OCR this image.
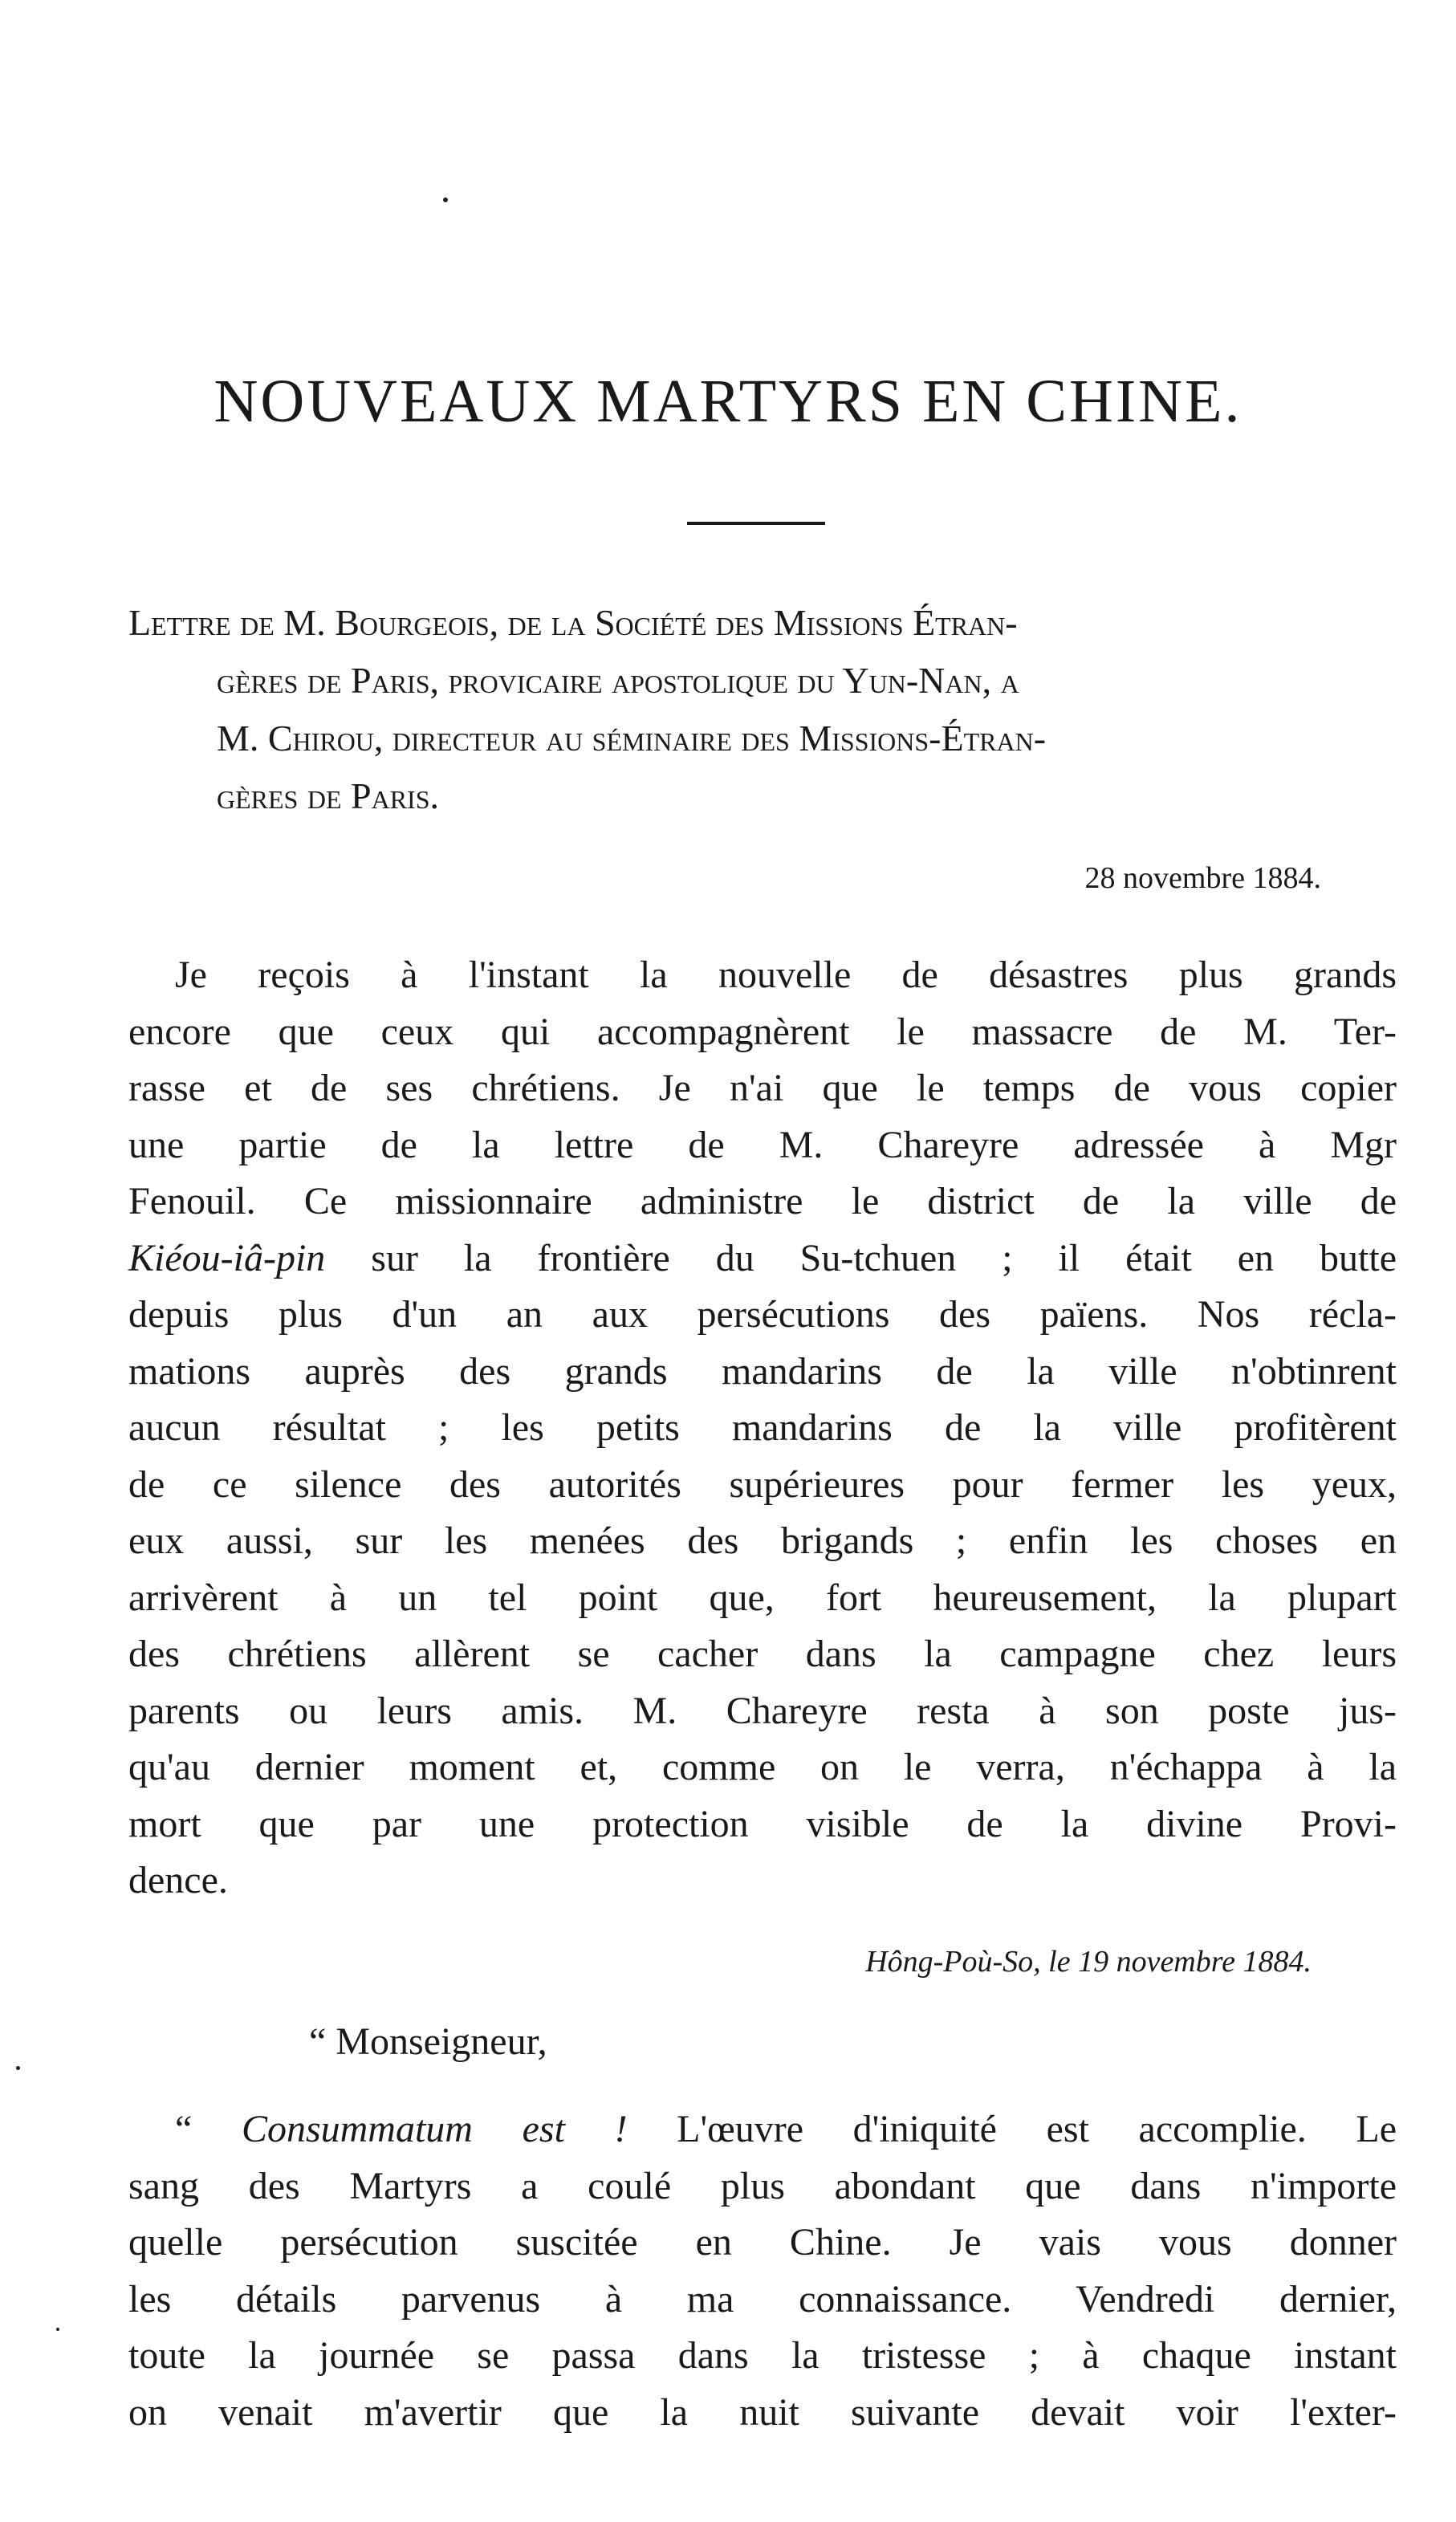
NOUVEAUX MARTYRS EN CHINE.
Lettre de M. Bourgeois, de la Société des Missions Étran-
gères de Paris, provicaire apostolique du Yun-Nan, a
M. Chirou, directeur au séminaire des Missions-Étran-
gères de Paris.
28 novembre 1884.
Je reçois à l'instant la nouvelle de désastres plus grands
encore que ceux qui accompagnèrent le massacre de M. Ter-
rasse et de ses chrétiens. Je n'ai que le temps de vous copier
une partie de la lettre de M. Chareyre adressée à Mgr
Fenouil. Ce missionnaire administre le district de la ville de
Kiéou-iâ-pin sur la frontière du Su-tchuen ; il était en butte
depuis plus d'un an aux persécutions des païens. Nos récla-
mations auprès des grands mandarins de la ville n'obtinrent
aucun résultat ; les petits mandarins de la ville profitèrent
de ce silence des autorités supérieures pour fermer les yeux,
eux aussi, sur les menées des brigands ; enfin les choses en
arrivèrent à un tel point que, fort heureusement, la plupart
des chrétiens allèrent se cacher dans la campagne chez leurs
parents ou leurs amis. M. Chareyre resta à son poste jus-
qu'au dernier moment et, comme on le verra, n'échappa à la
mort que par une protection visible de la divine Provi-
dence.
Hông-Poù-So, le 19 novembre 1884.
“ Monseigneur,
“ Consummatum est ! L'œuvre d'iniquité est accomplie. Le
sang des Martyrs a coulé plus abondant que dans n'importe
quelle persécution suscitée en Chine. Je vais vous donner
les détails parvenus à ma connaissance. Vendredi dernier,
toute la journée se passa dans la tristesse ; à chaque instant
on venait m'avertir que la nuit suivante devait voir l'exter-
